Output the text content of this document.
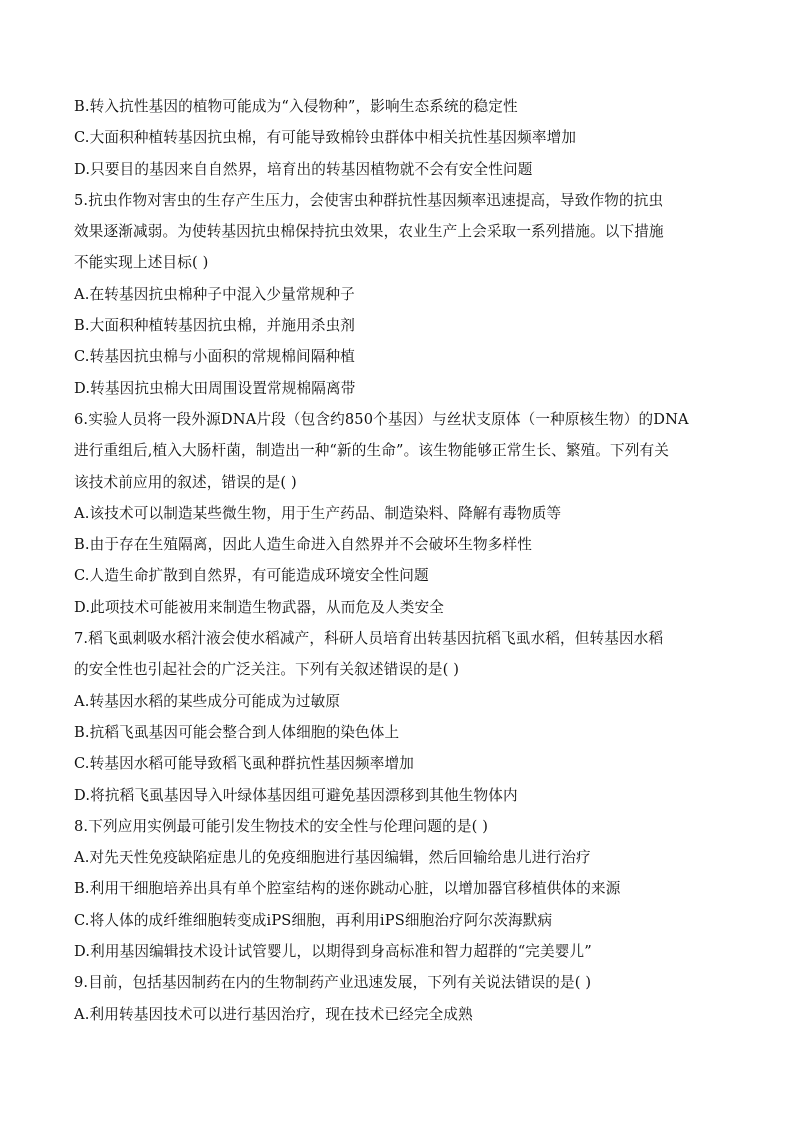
B.转入抗性基因的植物可能成为“入侵物种”，影响生态系统的稳定性
C.大面积种植转基因抗虫棉，有可能导致棉铃虫群体中相关抗性基因频率增加
D.只要目的基因来自自然界，培育出的转基因植物就不会有安全性问题
5.抗虫作物对害虫的生存产生压力，会使害虫种群抗性基因频率迅速提高，导致作物的抗虫
效果逐渐减弱。为使转基因抗虫棉保持抗虫效果，农业生产上会采取一系列措施。以下措施
不能实现上述目标( )
A.在转基因抗虫棉种子中混入少量常规种子
B.大面积种植转基因抗虫棉，并施用杀虫剂
C.转基因抗虫棉与小面积的常规棉间隔种植
D.转基因抗虫棉大田周围设置常规棉隔离带
6.实验人员将一段外源DNA片段（包含约850个基因）与丝状支原体（一种原核生物）的DNA
进行重组后,植入大肠杆菌，制造出一种“新的生命”。该生物能够正常生长、繁殖。下列有关
该技术前应用的叙述，错误的是( )
A.该技术可以制造某些微生物，用于生产药品、制造染料、降解有毒物质等
B.由于存在生殖隔离，因此人造生命进入自然界并不会破坏生物多样性
C.人造生命扩散到自然界，有可能造成环境安全性问题
D.此项技术可能被用来制造生物武器，从而危及人类安全
7.稻飞虱刺吸水稻汁液会使水稻减产，科研人员培育出转基因抗稻飞虱水稻，但转基因水稻
的安全性也引起社会的广泛关注。下列有关叙述错误的是( )
A.转基因水稻的某些成分可能成为过敏原
B.抗稻飞虱基因可能会整合到人体细胞的染色体上
C.转基因水稻可能导致稻飞虱种群抗性基因频率增加
D.将抗稻飞虱基因导入叶绿体基因组可避免基因漂移到其他生物体内
8.下列应用实例最可能引发生物技术的安全性与伦理问题的是( )
A.对先天性免疫缺陷症患儿的免疫细胞进行基因编辑，然后回输给患儿进行治疗
B.利用干细胞培养出具有单个腔室结构的迷你跳动心脏，以增加器官移植供体的来源
C.将人体的成纤维细胞转变成iPS细胞，再利用iPS细胞治疗阿尔茨海默病
D.利用基因编辑技术设计试管婴儿，以期得到身高标准和智力超群的“完美婴儿”
9.目前，包括基因制药在内的生物制药产业迅速发展，下列有关说法错误的是( )
A.利用转基因技术可以进行基因治疗，现在技术已经完全成熟
